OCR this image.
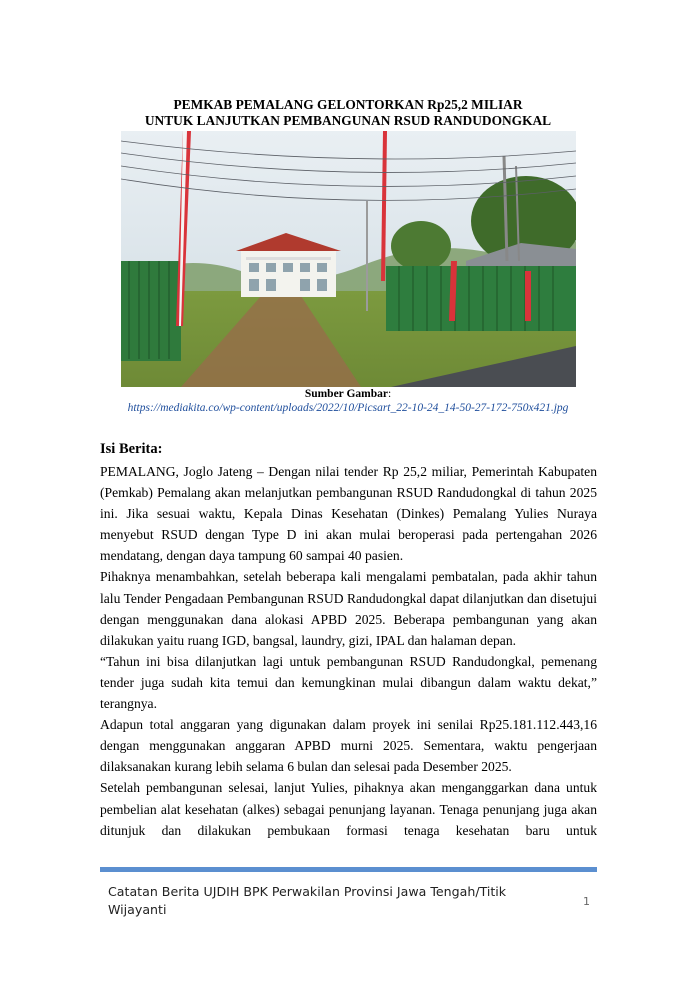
PEMKAB PEMALANG GELONTORKAN Rp25,2 MILIAR
UNTUK LANJUTKAN PEMBANGUNAN RSUD RANDUDONGKAL
Sumber Gambar:
https://mediakita.co/wp-content/uploads/2022/10/Picsart_22-10-24_14-50-27-172-750x421.jpg
Isi Berita:

PEMALANG, Joglo Jateng – Dengan nilai tender Rp 25,2 miliar, Pemerintah Kabupaten (Pemkab) Pemalang akan melanjutkan pembangunan RSUD Randudongkal di tahun 2025 ini. Jika sesuai waktu, Kepala Dinas Kesehatan (Dinkes) Pemalang Yulies Nuraya menyebut RSUD dengan Type D ini akan mulai beroperasi pada pertengahan 2026 mendatang, dengan daya tampung 60 sampai 40 pasien.

Pihaknya menambahkan, setelah beberapa kali mengalami pembatalan, pada akhir tahun lalu Tender Pengadaan Pembangunan RSUD Randudongkal dapat dilanjutkan dan disetujui dengan menggunakan dana alokasi APBD 2025. Beberapa pembangunan yang akan dilakukan yaitu ruang IGD, bangsal, laundry, gizi, IPAL dan halaman depan.

“Tahun ini bisa dilanjutkan lagi untuk pembangunan RSUD Randudongkal, pemenang tender juga sudah kita temui dan kemungkinan mulai dibangun dalam waktu dekat,” terangnya.

Adapun total anggaran yang digunakan dalam proyek ini senilai Rp25.181.112.443,16 dengan menggunakan anggaran APBD murni 2025. Sementara, waktu pengerjaan dilaksanakan kurang lebih selama 6 bulan dan selesai pada Desember 2025.

Setelah pembangunan selesai, lanjut Yulies, pihaknya akan menganggarkan dana untuk pembelian alat kesehatan (alkes) sebagai penunjang layanan. Tenaga penunjang juga akan ditunjuk dan dilakukan pembukaan formasi tenaga kesehatan baru untuk

Catatan Berita UJDIH BPK Perwakilan Provinsi Jawa Tengah/Titik Wijayanti
1
